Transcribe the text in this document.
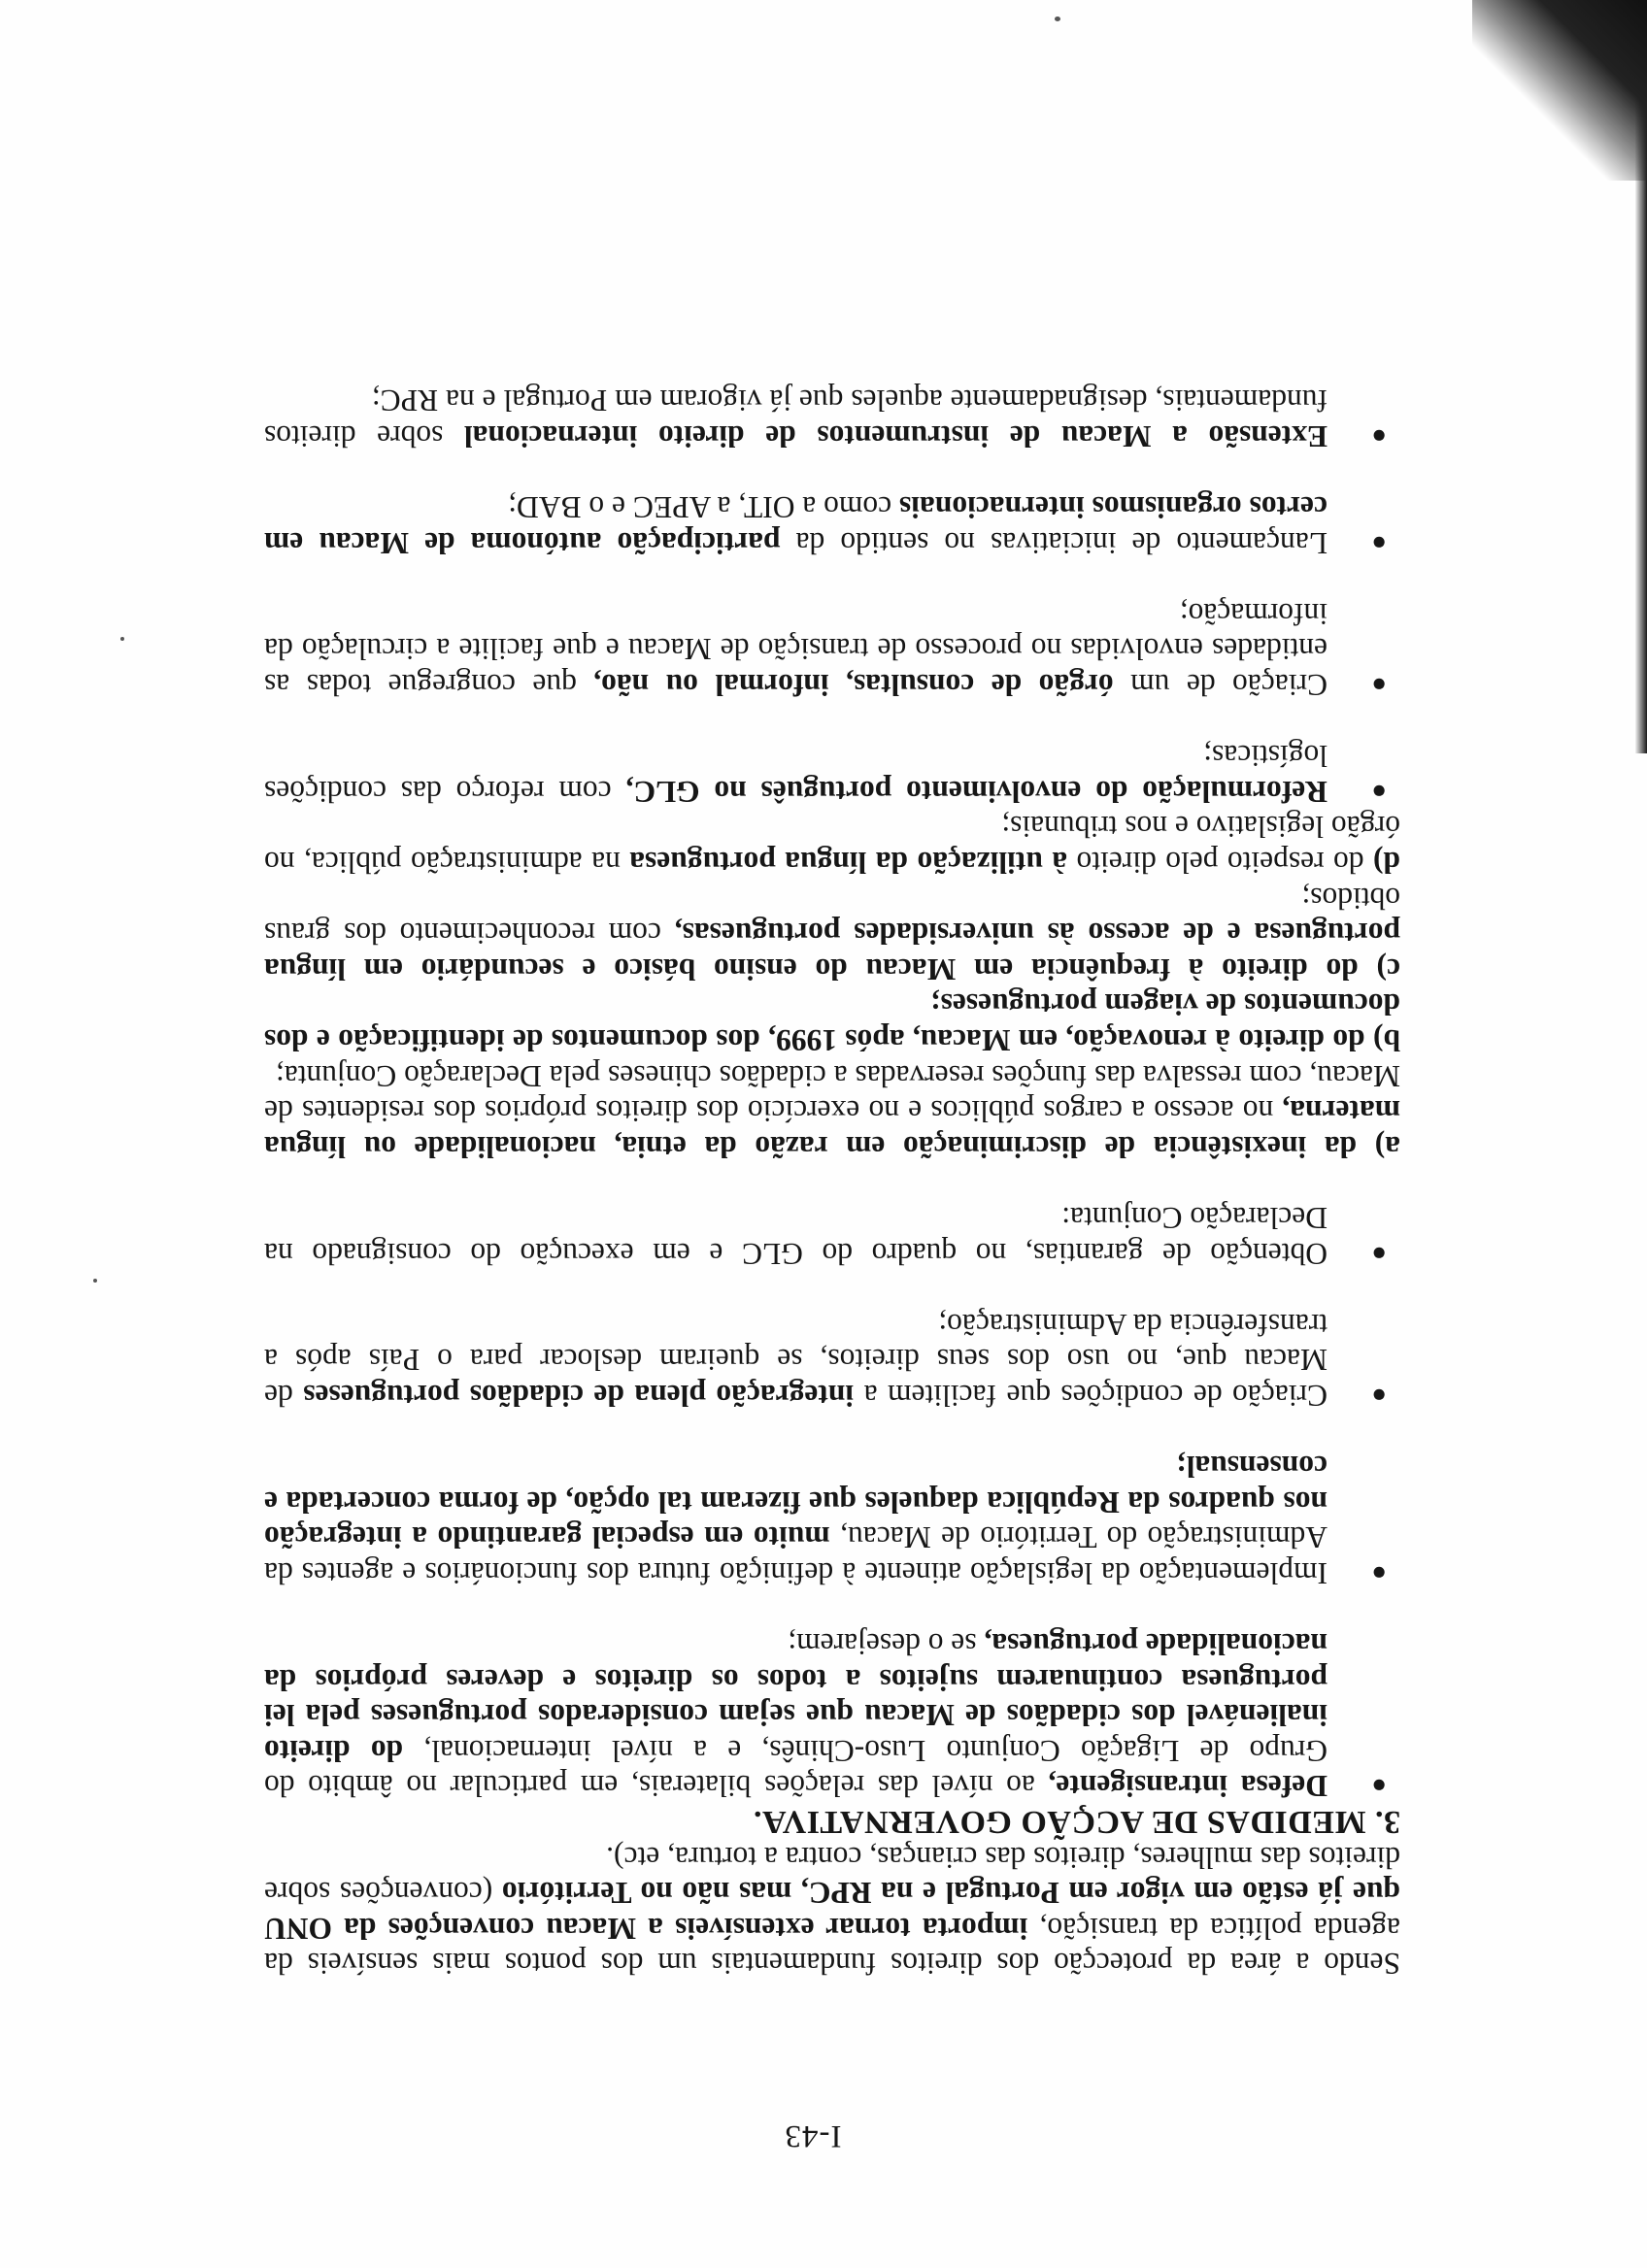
I-43

Sendo a área da protecção dos direitos fundamentais um dos pontos mais sensíveis da agenda política da transição, importa tornar extensíveis a Macau convenções da ONU que já estão em vigor em Portugal e na RPC, mas não no Território (convenções sobre direitos das mulheres, direitos das crianças, contra a tortura, etc).

3. MEDIDAS DE ACÇÃO GOVERNATIVA.

●
Defesa intransigente, ao nível das relações bilaterais, em particular no âmbito do Grupo de Ligação Conjunto Luso-Chinês, e a nível internacional, do direito inalienável dos cidadãos de Macau que sejam considerados portugueses pela lei portuguesa continuarem sujeitos a todos os direitos e deveres próprios da nacionalidade portuguesa, se o desejarem;
●
Implementação da legislação atinente à definição futura dos funcionários e agentes da Administração do Território de Macau, muito em especial garantindo a integração nos quadros da República daqueles que fizeram tal opção, de forma concertada e consensual;
●
Criação de condições que facilitem a integração plena de cidadãos portugueses de Macau que, no uso dos seus direitos, se queiram deslocar para o País após a transferência da Administração;
●
Obtenção de garantias, no quadro do GLC e em execução do consignado na Declaração Conjunta:

a) da inexistência de discriminação em razão da etnia, nacionalidade ou língua materna, no acesso a cargos públicos e no exercício dos direitos próprios dos residentes de Macau, com ressalva das funções reservadas a cidadãos chineses pela Declaração Conjunta;

b) do direito à renovação, em Macau, após 1999, dos documentos de identificação e dos documentos de viagem portugueses;

c) do direito à frequência em Macau do ensino básico e secundário em língua portuguesa e de acesso às universidades portuguesas, com reconhecimento dos graus obtidos;

d) do respeito pelo direito à utilização da língua portuguesa na administração pública, no órgão legislativo e nos tribunais;

●
Reformulação do envolvimento português no GLC, com reforço das condições logísticas;
●
Criação de um órgão de consultas, informal ou não, que congregue todas as entidades envolvidas no processo de transição de Macau e que facilite a circulação da informação;
●
Lançamento de iniciativas no sentido da participação autónoma de Macau em certos organismos internacionais como a OIT, a APEC e o BAD;
●
Extensão a Macau de instrumentos de direito internacional sobre direitos fundamentais, designadamente aqueles que já vigoram em Portugal e na RPC;
